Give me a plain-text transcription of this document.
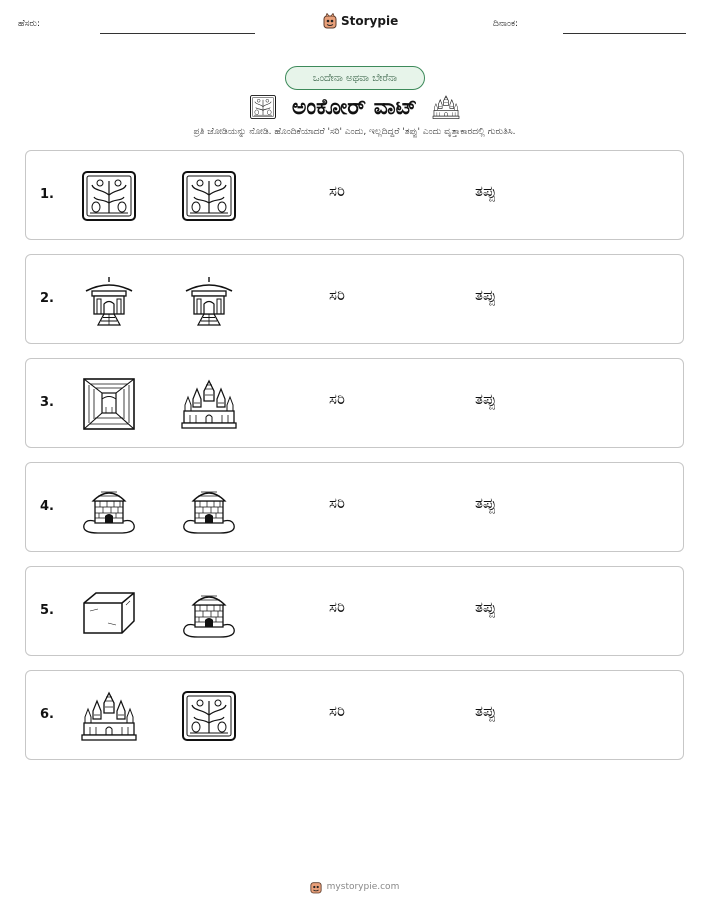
ಹೆಸರು:	Storypie	ದಿನಾಂಕ:
ಒಂದೇನಾ ಅಥವಾ ಬೇರೆನಾ
ಅಂಕೋರ್ ವಾಟ್
ಪ್ರತಿ ಜೋಡಿಯನ್ನು ನೋಡಿ. ಹೊಂದಿಕೆಯಾದರೆ 'ಸರಿ' ಎಂದು, ಇಲ್ಲದಿದ್ದರೆ 'ತಪ್ಪು' ಎಂದು ವೃತ್ತಾಕಾರದಲ್ಲಿ ಗುರುತಿಸಿ.
1.	ಸರಿ	ತಪ್ಪು
2.	ಸರಿ	ತಪ್ಪು
3.	ಸರಿ	ತಪ್ಪು
4.	ಸರಿ	ತಪ್ಪು
5.	ಸರಿ	ತಪ್ಪು
6.	ಸರಿ	ತಪ್ಪು
mystorypie.com
